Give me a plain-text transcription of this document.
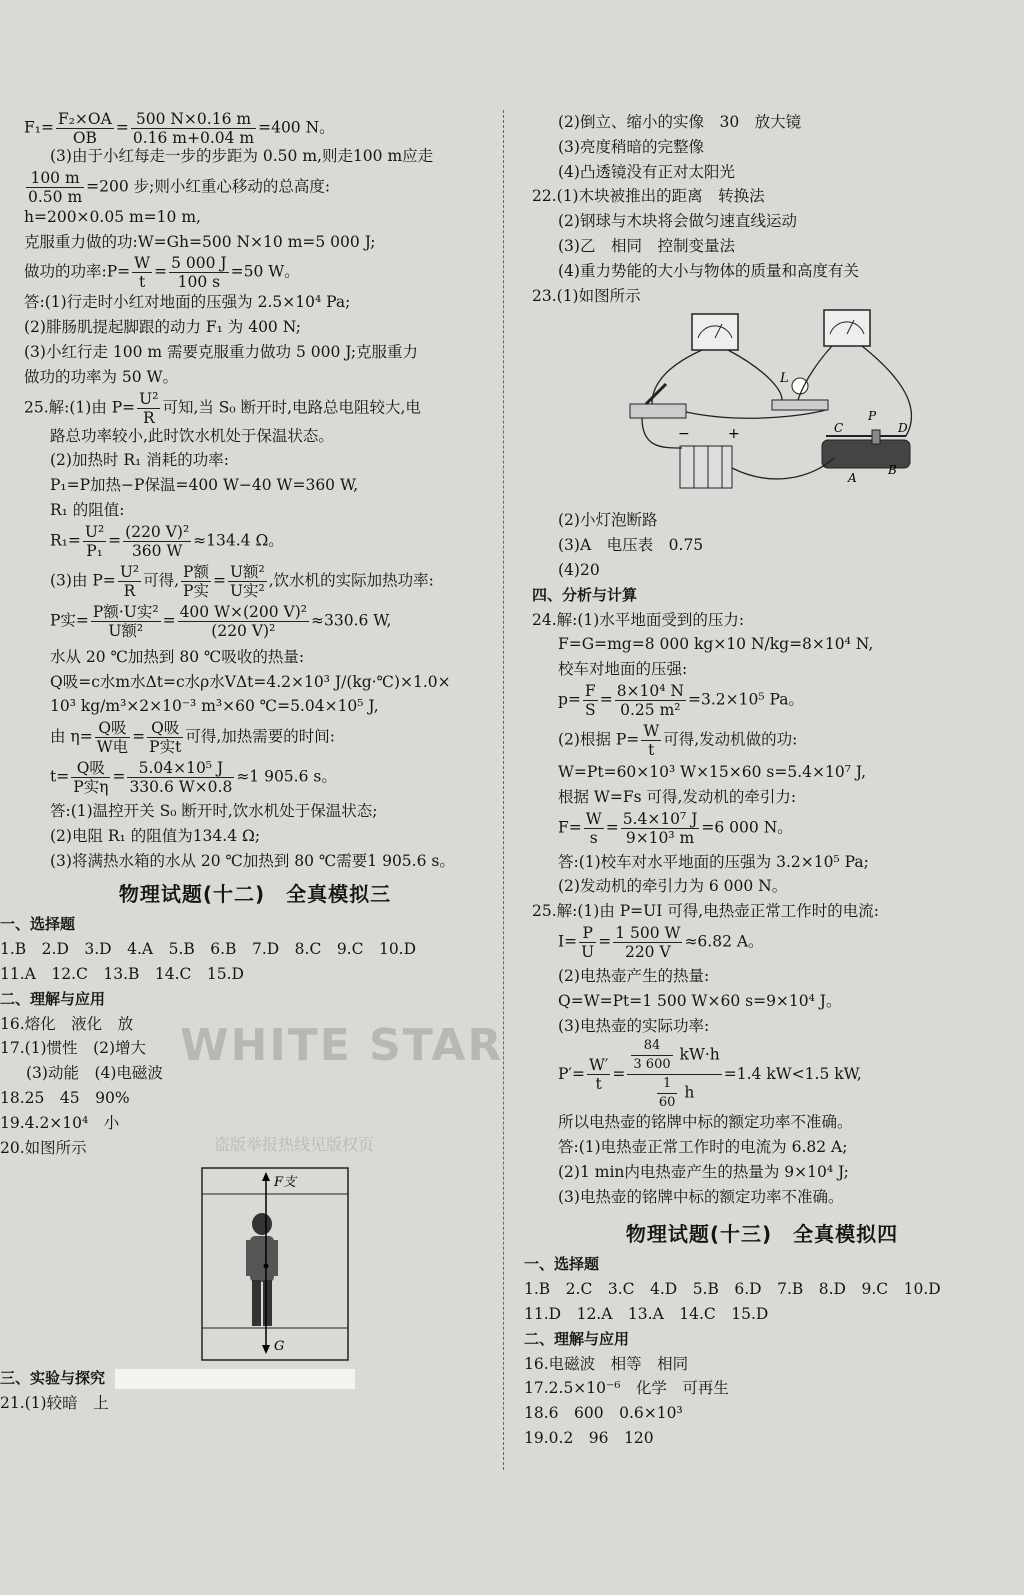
$F_1= \frac{\text{F₂×OA}}{OB} = \frac{500 N\times 0.16 m}{0.16 m+0.04 m} =400$ N。
(3)由于小红每走一步的步距为 0.50 m,则走100 m应走
$\frac{100 m}{0.50 m} =200$ 步;则小红重心移动的总高度:
h=200×0.05 m=10 m,
克服重力做的功:W=Gh=500 N×10 m=5 000 J;
做功的功率:P= $\frac{W}{t} = \frac{5 000 J}{100 s} =50$ W。
答:(1)行走时小红对地面的压强为 2.5×10⁴ Pa;
(2)腓肠肌提起脚跟的动力 F₁ 为 400 N;
(3)小红行走 100 m 需要克服重力做功 5 000 J;克服重力
做功的功率为 50 W。
25.解:(1)由 $P= \frac{\text{U²}}{R}$ 可知,当 S₀ 断开时,电路总电阻较大,电
路总功率较小,此时饮水机处于保温状态。
(2)加热时 R₁ 消耗的功率:
P₁=P加热−P保温=400 W−40 W=360 W,
R₁ 的阻值:
$R_1= \frac{\text{U²}}{\text{P₁}} = \frac{\text{(220 V)²}}{360 W} \approx 134.4$ Ω。
(3)由 $P= \frac{\text{U²}}{R}$ 可得, $\frac{\text{P额}}{\text{P实}} = \frac{\text{U额²}}{\text{U实²}}$ ,饮水机的实际加热功率:
P实= $\frac{\text{P额·U实²}}{\text{U额²}} = \frac{\text{400 W×(200 V)²}}{\text{(220 V)²}} \approx 330.6$ W,
水从 20 ℃加热到 80 ℃吸收的热量:
Q吸=c水m水Δt=c水ρ水VΔt=4.2×10³ J/(kg·℃)×1.0×
10³ kg/m³×2×10⁻³ m³×60 ℃=5.04×10⁵ J,
由 $\eta= \frac{\text{Q吸}}{\text{W电}} = \frac{\text{Q吸}}{\text{P实t}}$ 可得,加热需要的时间:
$t= \frac{\text{Q吸}}{\text{P实η}} = \frac{\text{5.04×10⁵ J}}{330.6 W\times 0.8} \approx 1$ 905.6 s。
答:(1)温控开关 S₀ 断开时,饮水机处于保温状态;
(2)电阻 R₁ 的阻值为134.4 Ω;
(3)将满热水箱的水从 20 ℃加热到 80 ℃需要1 905.6 s。
物理试题(十二)　全真模拟三
一、选择题
1.B　2.D　3.D　4.A　5.B　6.B　7.D　8.C　9.C　10.D
11.A　12.C　13.B　14.C　15.D
二、理解与应用
16.熔化　液化　放
17.(1)惯性　(2)增大
(3)动能　(4)电磁波
18.25　45　90%
19.4.2×10⁴　小
20.如图所示
F支
G
三、实验与探究
21.(1)较暗　上
(2)倒立、缩小的实像　30　放大镜
(3)亮度稍暗的完整像
(4)凸透镜没有正对太阳光
22.(1)木块被推出的距离　转换法
(2)钢球与木块将会做匀速直线运动
(3)乙　相同　控制变量法
(4)重力势能的大小与物体的质量和高度有关
23.(1)如图所示
L
−	+	C	D
P
A
B
(2)小灯泡断路
(3)A　电压表　0.75
(4)20
四、分析与计算
24.解:(1)水平地面受到的压力:
F=G=mg=8 000 kg×10 N/kg=8×10⁴ N,
校车对地面的压强:
$p= \frac{F}{S} = \frac{\text{8×10⁴ N}}{\text{0.25 m²}} =3.2\times 10^5$ Pa。
(2)根据 $P= \frac{W}{t}$ 可得,发动机做的功:
W=Pt=60×10³ W×15×60 s=5.4×10⁷ J,
根据 W=Fs 可得,发动机的牵引力:
$F= \frac{W}{s} = \frac{\text{5.4×10⁷ J}}{\text{9×10³ m}} =6$ 000 N。
答:(1)校车对水平地面的压强为 3.2×10⁵ Pa;
(2)发动机的牵引力为 6 000 N。
25.解:(1)由 P=UI 可得,电热壶正常工作时的电流:
$I= \frac{P}{U} = \frac{1 500 W}{220 V} \approx 6.82$ A。
(2)电热壶产生的热量:
Q=W=Pt=1 500 W×60 s=9×10⁴ J。
(3)电热壶的实际功率:
$P'= \frac{W'}{t} = \frac{\frac{84}{3 600} kW\cdot h}{\frac{1}{60} h} =1.4$ kW<1.5 kW,
所以电热壶的铭牌中标的额定功率不准确。
答:(1)电热壶正常工作时的电流为 6.82 A;
(2)1 min内电热壶产生的热量为 9×10⁴ J;
(3)电热壶的铭牌中标的额定功率不准确。
物理试题(十三)　全真模拟四
一、选择题
1.B　2.C　3.C　4.D　5.B　6.D　7.B　8.D　9.C　10.D
11.D　12.A　13.A　14.C　15.D
二、理解与应用
16.电磁波　相等　相同
17.2.5×10⁻⁶　化学　可再生
18.6　600　0.6×10³
19.0.2　96　120
WHITE STAR
盗版举报热线见版权页
